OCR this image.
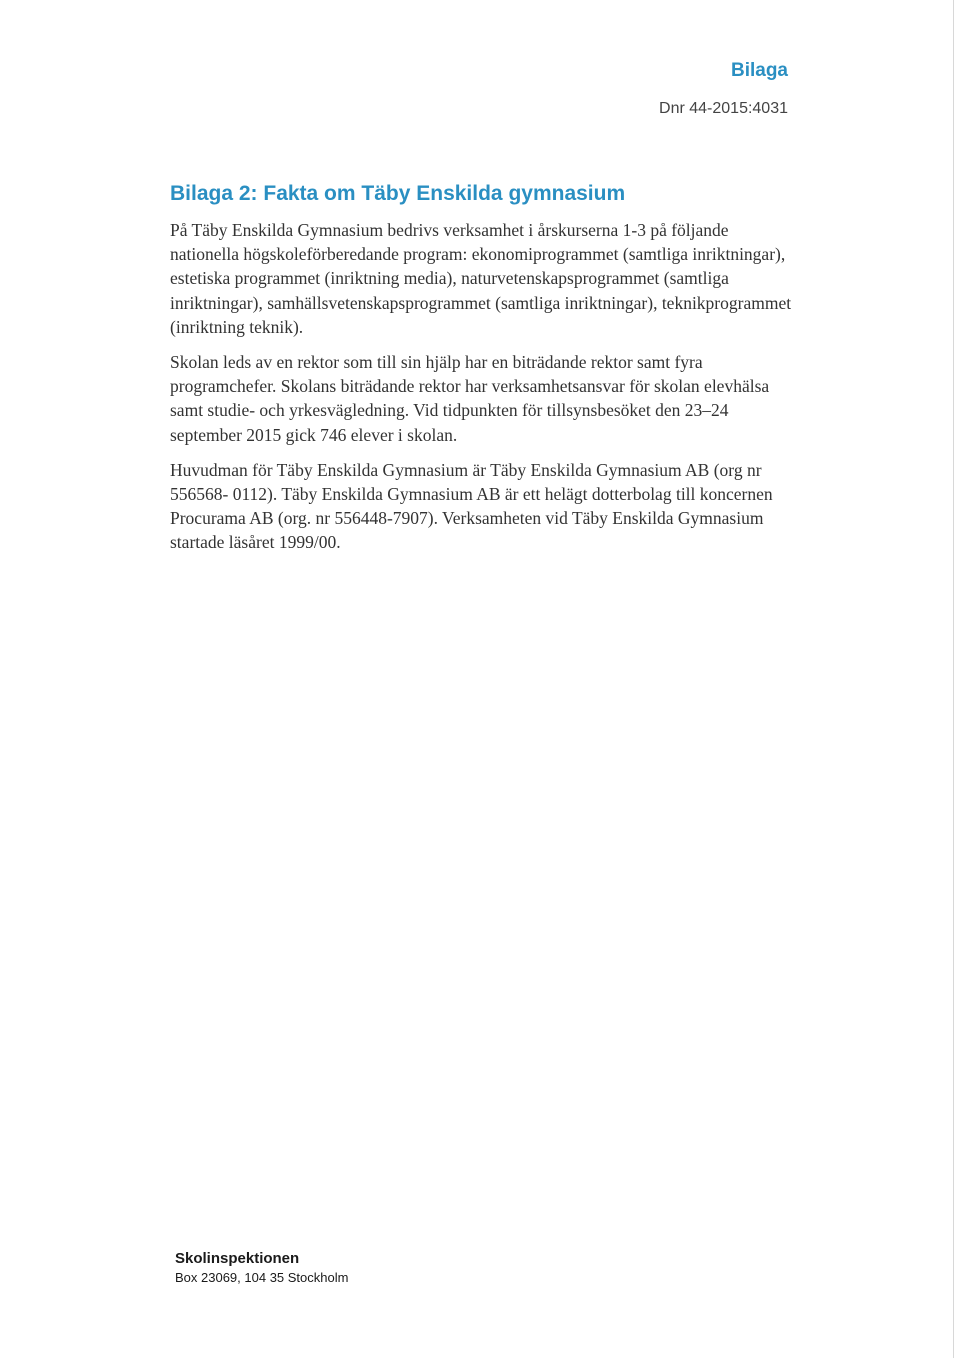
Bilaga
Dnr 44-2015:4031
Bilaga 2: Fakta om Täby Enskilda gymnasium

På Täby Enskilda Gymnasium bedrivs verksamhet i årskurserna 1-3 på följande nationella högskoleförberedande program: ekonomiprogrammet (samtliga inriktningar), estetiska programmet (inriktning media), naturvetenskapsprogrammet (samtliga inriktningar), samhällsvetenskapsprogrammet (samtliga inriktningar), teknikprogrammet (inriktning teknik).

Skolan leds av en rektor som till sin hjälp har en biträdande rektor samt fyra programchefer. Skolans biträdande rektor har verksamhetsansvar för skolan elevhälsa samt studie- och yrkesvägledning. Vid tidpunkten för tillsynsbesöket den 23–24 september 2015 gick 746 elever i skolan.

Huvudman för Täby Enskilda Gymnasium är Täby Enskilda Gymnasium AB (org nr 556568- 0112). Täby Enskilda Gymnasium AB är ett helägt dotterbolag till koncernen Procurama AB (org. nr 556448-7907). Verksamheten vid Täby Enskilda Gymnasium startade läsåret 1999/00.

Skolinspektionen
Box 23069, 104 35 Stockholm
